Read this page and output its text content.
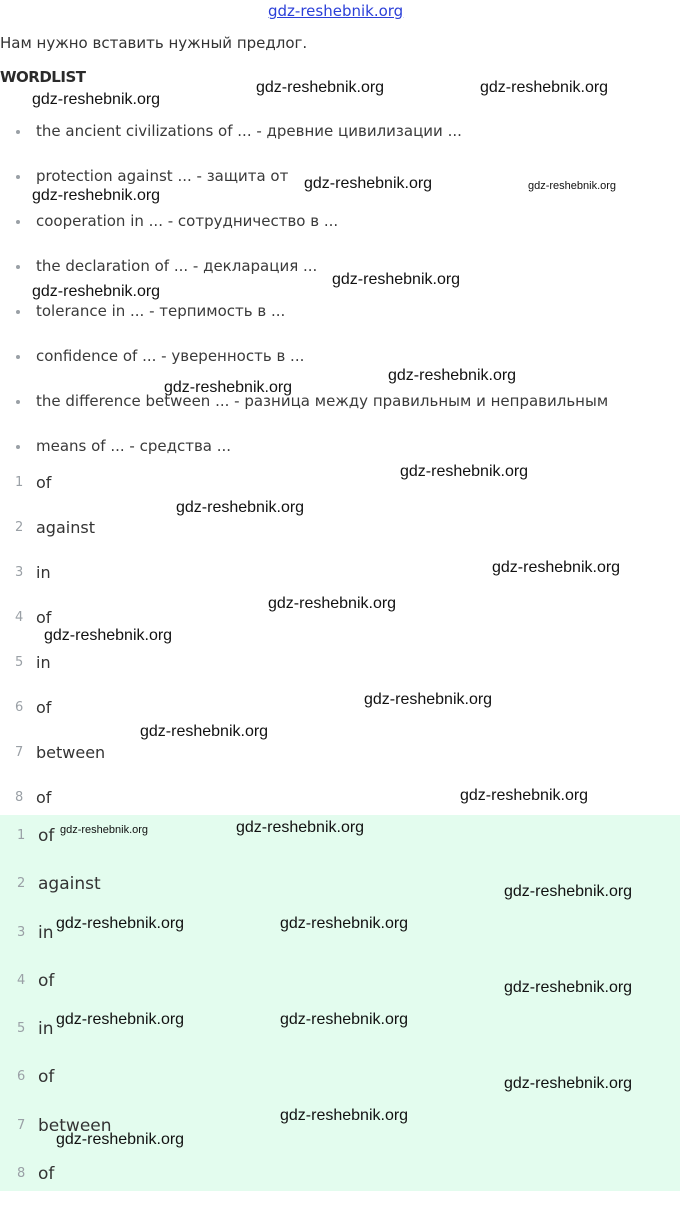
gdz-reshebnik.org
Нам нужно вставить нужный предлог.
WORDLIST
the ancient civilizations of ... - древние цивилизации ...
protection against ... - защита от
cooperation in ... - сотрудничество в ...
the declaration of ... - декларация ...
tolerance in ... - терпимость в ...
confidence of ... - уверенность в ...
the difference between ... - разница между правильным и неправильным
means of ... - средства ...
1 of
2 against
3 in
4 of
5 in
6 of
7 between
8 of
1 of
2 against
3 in
4 of
5 in
6 of
7 between
8 of
gdz-reshebnik.org
gdz-reshebnik.org	gdz-reshebnik.org
gdz-reshebnik.org
gdz-reshebnik.org	gdz-reshebnik.org
gdz-reshebnik.org
gdz-reshebnik.org
gdz-reshebnik.org
gdz-reshebnik.org
gdz-reshebnik.org
gdz-reshebnik.org
gdz-reshebnik.org
gdz-reshebnik.org
gdz-reshebnik.org
gdz-reshebnik.org
gdz-reshebnik.org
gdz-reshebnik.org
gdz-reshebnik.org	gdz-reshebnik.org
gdz-reshebnik.org
gdz-reshebnik.org	gdz-reshebnik.org
gdz-reshebnik.org
gdz-reshebnik.org	gdz-reshebnik.org
gdz-reshebnik.org
gdz-reshebnik.org
gdz-reshebnik.org
